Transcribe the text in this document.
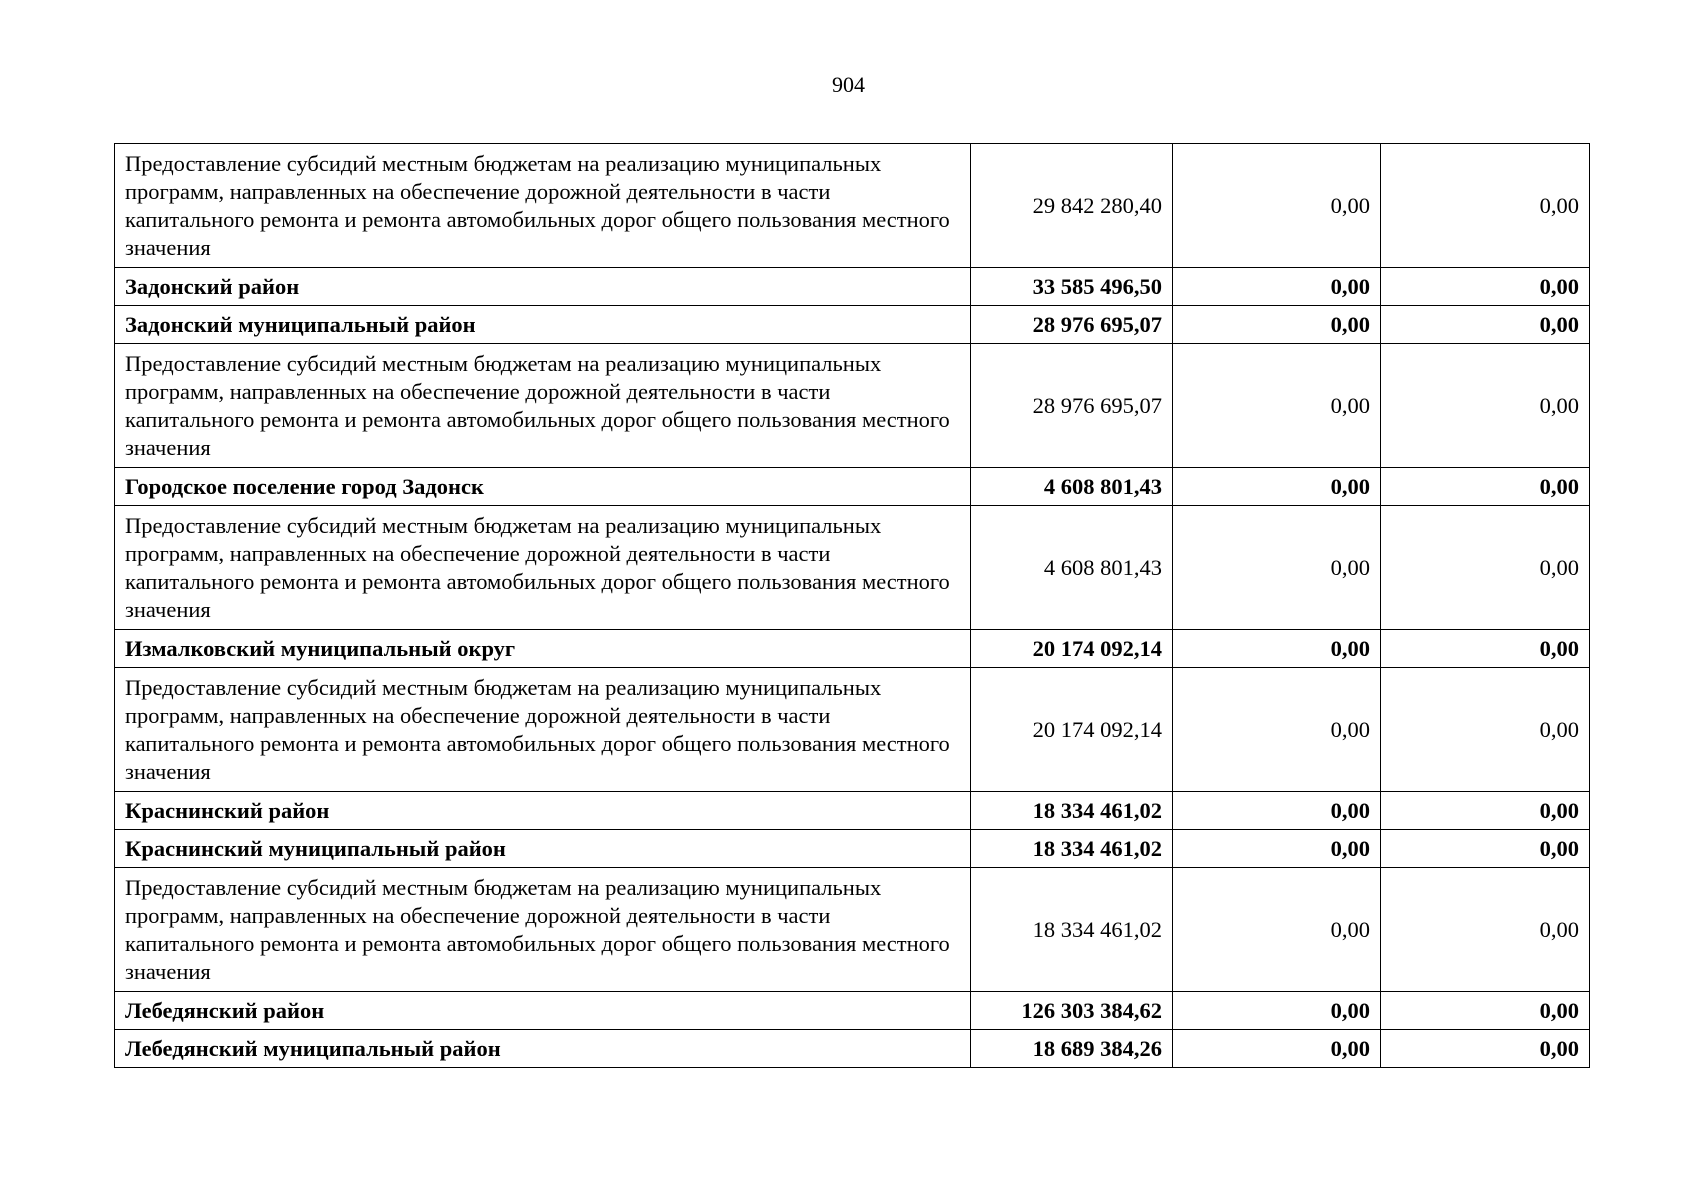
904
Предоставление субсидий местным бюджетам на реализацию муниципальных программ, направленных на обеспечение дорожной деятельности в части капитального ремонта и ремонта автомобильных дорог общего пользования местного значения	29 842 280,40	0,00	0,00
Задонский район	33 585 496,50	0,00	0,00
Задонский муниципальный район	28 976 695,07	0,00	0,00
Предоставление субсидий местным бюджетам на реализацию муниципальных программ, направленных на обеспечение дорожной деятельности в части капитального ремонта и ремонта автомобильных дорог общего пользования местного значения	28 976 695,07	0,00	0,00
Городское поселение город Задонск	4 608 801,43	0,00	0,00
Предоставление субсидий местным бюджетам на реализацию муниципальных программ, направленных на обеспечение дорожной деятельности в части капитального ремонта и ремонта автомобильных дорог общего пользования местного значения	4 608 801,43	0,00	0,00
Измалковский муниципальный округ	20 174 092,14	0,00	0,00
Предоставление субсидий местным бюджетам на реализацию муниципальных программ, направленных на обеспечение дорожной деятельности в части капитального ремонта и ремонта автомобильных дорог общего пользования местного значения	20 174 092,14	0,00	0,00
Краснинский район	18 334 461,02	0,00	0,00
Краснинский муниципальный район	18 334 461,02	0,00	0,00
Предоставление субсидий местным бюджетам на реализацию муниципальных программ, направленных на обеспечение дорожной деятельности в части капитального ремонта и ремонта автомобильных дорог общего пользования местного значения	18 334 461,02	0,00	0,00
Лебедянский район	126 303 384,62	0,00	0,00
Лебедянский муниципальный район	18 689 384,26	0,00	0,00
